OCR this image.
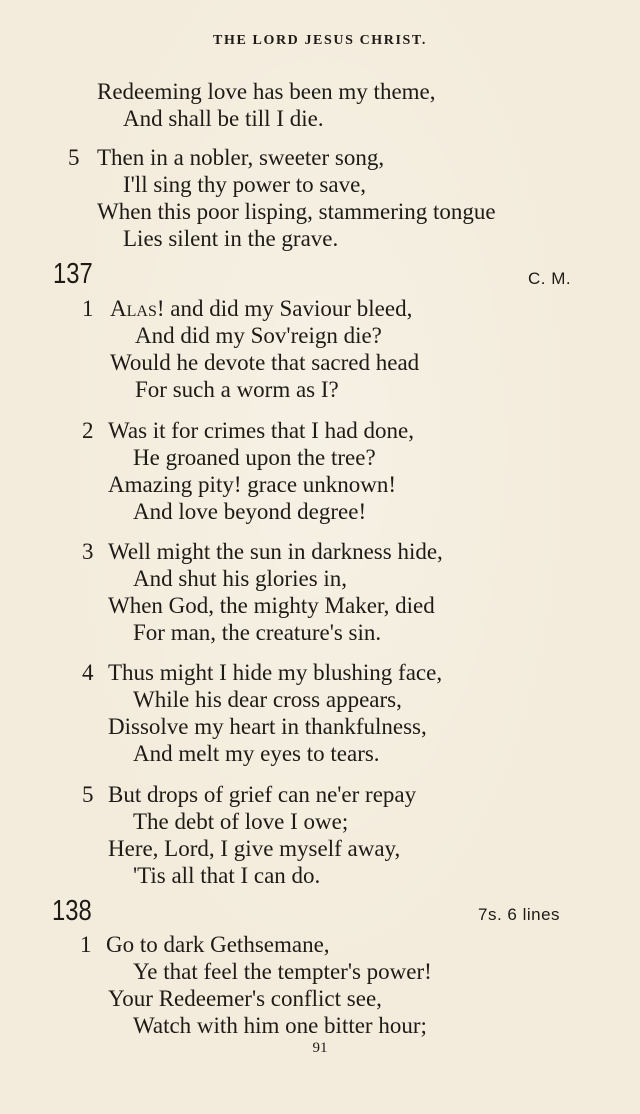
THE LORD JESUS CHRIST.
Redeeming love has been my theme,
And shall be till I die.
5 Then in a nobler, sweeter song,
I'll sing thy power to save,
When this poor lisping, stammering tongue
Lies silent in the grave.
137	C. M.
1 Alas! and did my Saviour bleed,
And did my Sov'reign die?
Would he devote that sacred head
For such a worm as I?
2 Was it for crimes that I had done,
He groaned upon the tree?
Amazing pity! grace unknown!
And love beyond degree!
3 Well might the sun in darkness hide,
And shut his glories in,
When God, the mighty Maker, died
For man, the creature's sin.
4 Thus might I hide my blushing face,
While his dear cross appears,
Dissolve my heart in thankfulness,
And melt my eyes to tears.
5 But drops of grief can ne'er repay
The debt of love I owe;
Here, Lord, I give myself away,
'Tis all that I can do.
138	7s. 6 lines
1 Go to dark Gethsemane,
Ye that feel the tempter's power!
Your Redeemer's conflict see,
Watch with him one bitter hour;
91
